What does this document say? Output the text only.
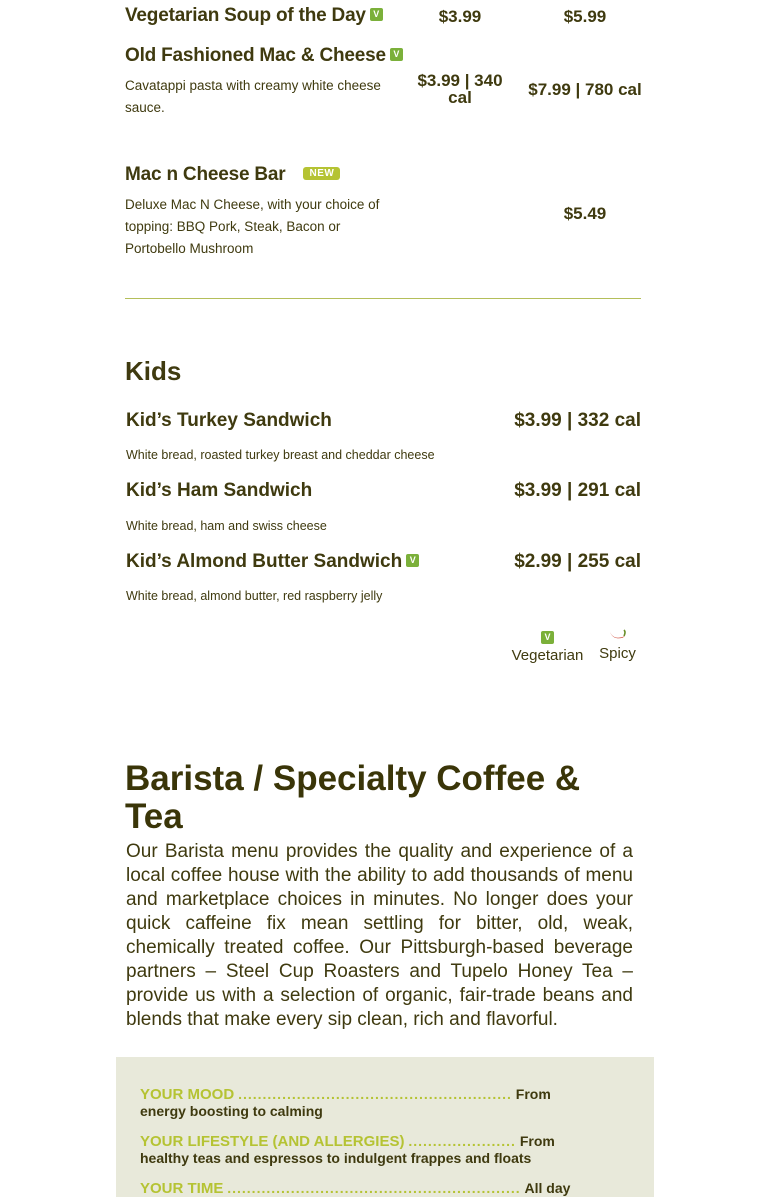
Vegetarian Soup of the Day V	$3.99	$5.99
Old Fashioned Mac & Cheese V
Cavatappi pasta with creamy white cheese sauce.
$3.99 | 340 cal	$7.99 | 780 cal
Mac n Cheese Bar NEW
Deluxe Mac N Cheese, with your choice of topping: BBQ Pork, Steak, Bacon or Portobello Mushroom
$5.49
Kids
Kid’s Turkey Sandwich	$3.99 | 332 cal
White bread, roasted turkey breast and cheddar cheese
Kid’s Ham Sandwich	$3.99 | 291 cal
White bread, ham and swiss cheese
Kid’s Almond Butter Sandwich V	$2.99 | 255 cal
White bread, almond butter, red raspberry jelly
V
Vegetarian	Spicy
Barista / Specialty Coffee & Tea
Our Barista menu provides the quality and experience of a local coffee house with the ability to add thousands of menu and marketplace choices in minutes. No longer does your quick caffeine fix mean settling for bitter, old, weak, chemically treated coffee. Our Pittsburgh-based beverage partners – Steel Cup Roasters and Tupelo Honey Tea – provide us with a selection of organic, fair-trade beans and blends that make every sip clean, rich and flavorful.
YOUR MOOD ........................................................ From energy boosting to calming
YOUR LIFESTYLE (AND ALLERGIES) ...................... From healthy teas and espressos to indulgent frappes and floats
YOUR TIME ............................................................ All day
